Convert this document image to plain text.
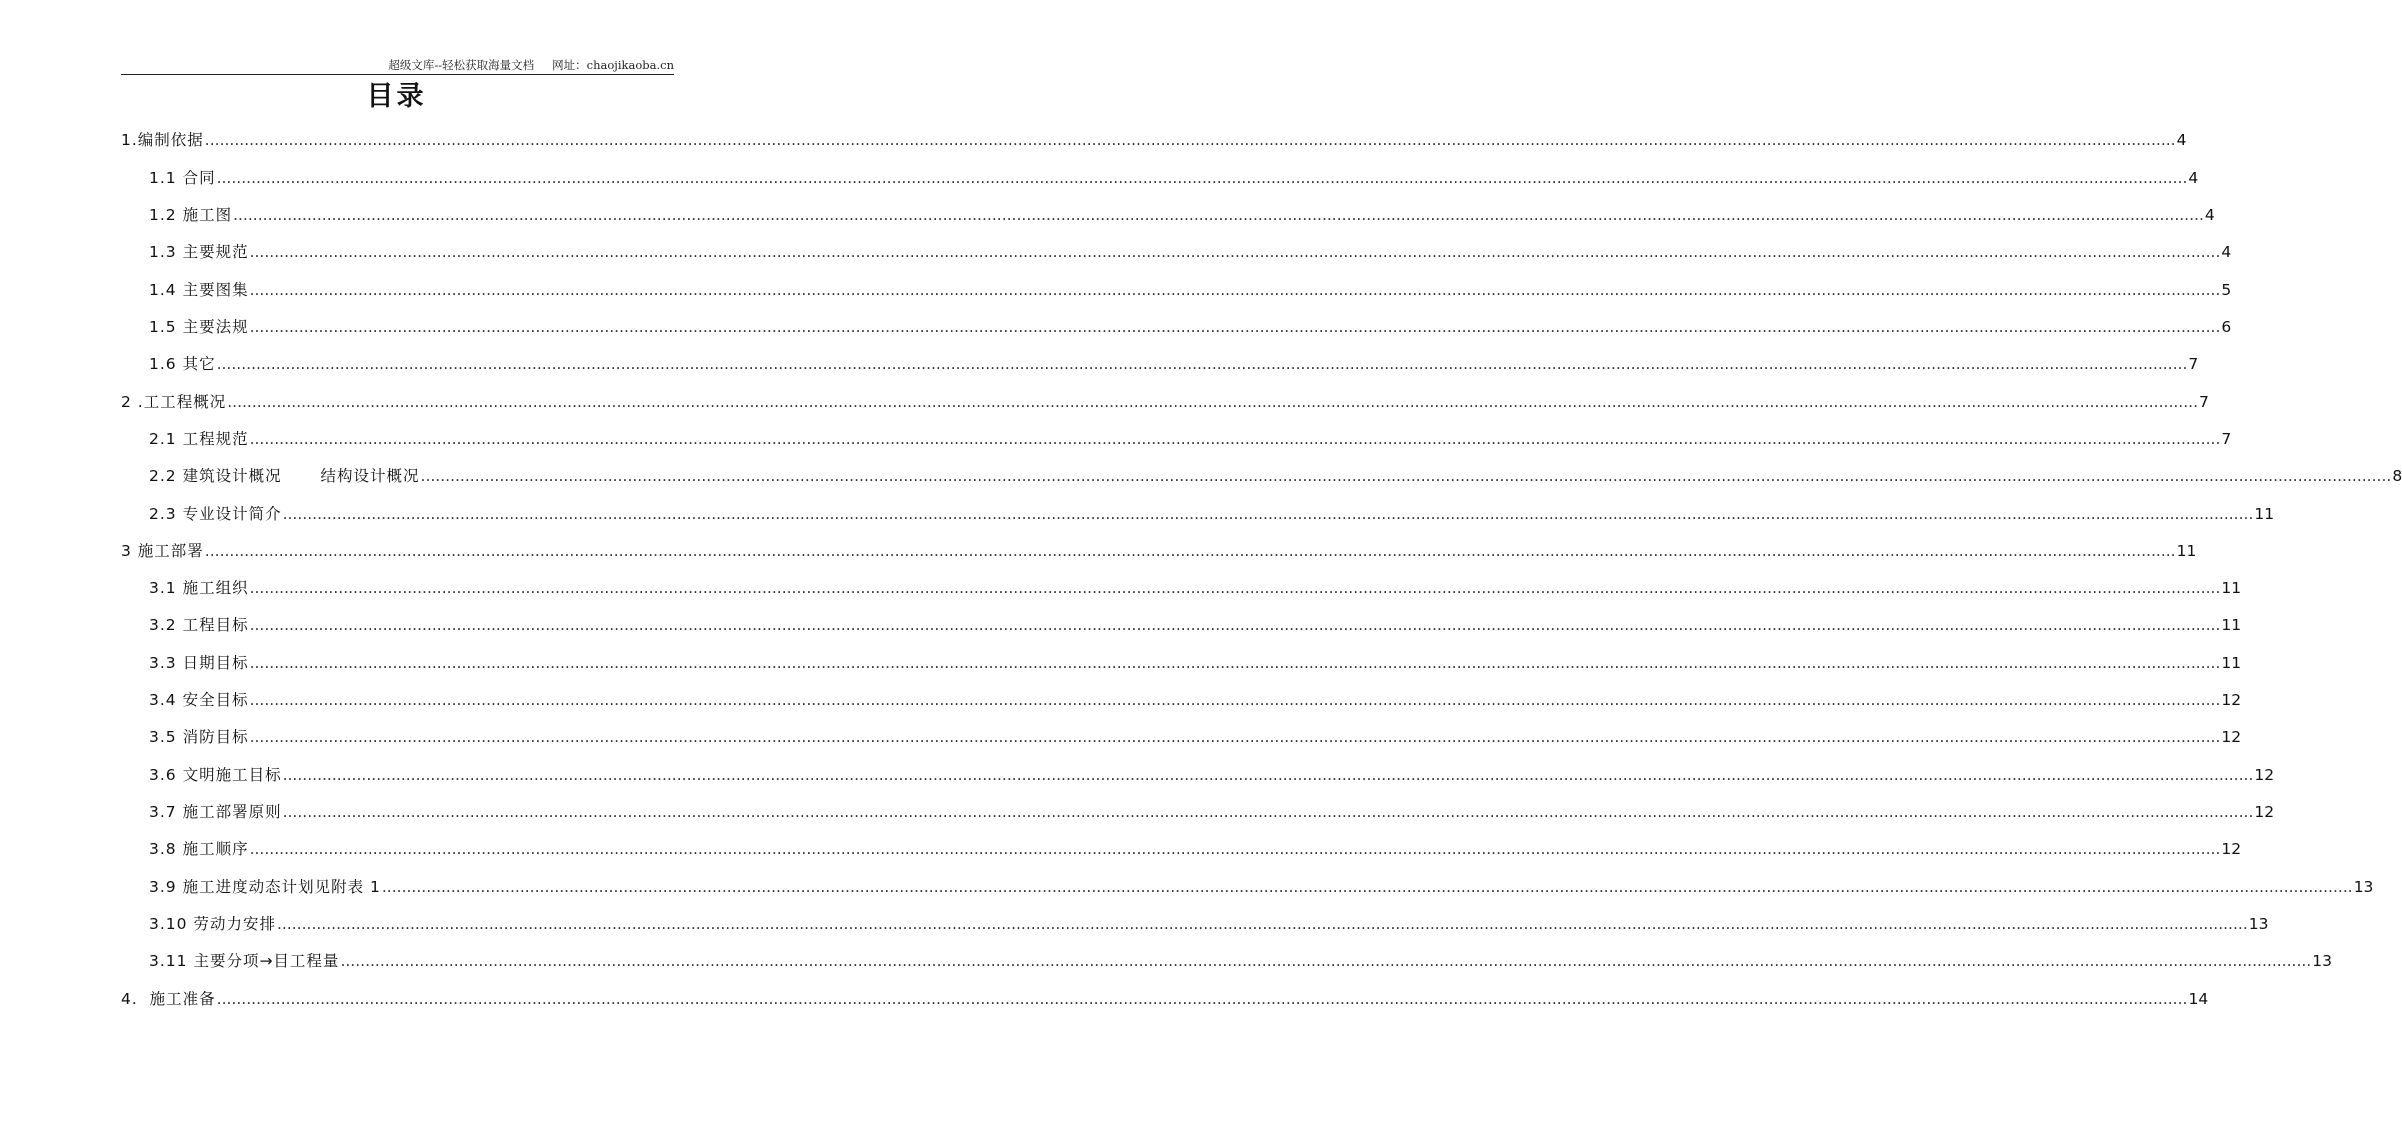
超级文库--轻松获取海量文档 网址：chaojikaoba.cn
目录
1.编制依据 ................................................................................................................................................................................................................................................................................................................................................................................................................ 4
1.1 合同 ................................................................................................................................................................................................................................................................................................................................................................................................................ 4
1.2 施工图 ................................................................................................................................................................................................................................................................................................................................................................................................................ 4
1.3 主要规范 ................................................................................................................................................................................................................................................................................................................................................................................................................ 4
1.4 主要图集 ................................................................................................................................................................................................................................................................................................................................................................................................................ 5
1.5 主要法规 ................................................................................................................................................................................................................................................................................................................................................................................................................ 6
1.6 其它 ................................................................................................................................................................................................................................................................................................................................................................................................................ 7
2 .工工程概况 ................................................................................................................................................................................................................................................................................................................................................................................................................ 7
2.1 工程规范 ................................................................................................................................................................................................................................................................................................................................................................................................................ 7
2.2 建筑设计概况　　 结构设计概况 ................................................................................................................................................................................................................................................................................................................................................................................................................ 8
2.3 专业设计简介 ................................................................................................................................................................................................................................................................................................................................................................................................................ 11
3 施工部署 ................................................................................................................................................................................................................................................................................................................................................................................................................ 11
3.1 施工组织 ................................................................................................................................................................................................................................................................................................................................................................................................................ 11
3.2 工程目标 ................................................................................................................................................................................................................................................................................................................................................................................................................ 11
3.3 日期目标 ................................................................................................................................................................................................................................................................................................................................................................................................................ 11
3.4 安全目标 ................................................................................................................................................................................................................................................................................................................................................................................................................ 12
3.5 消防目标 ................................................................................................................................................................................................................................................................................................................................................................................................................ 12
3.6 文明施工目标 ................................................................................................................................................................................................................................................................................................................................................................................................................ 12
3.7 施工部署原则 ................................................................................................................................................................................................................................................................................................................................................................................................................ 12
3.8 施工顺序 ................................................................................................................................................................................................................................................................................................................................................................................................................ 12
3.9 施工进度动态计划见附表 1 ................................................................................................................................................................................................................................................................................................................................................................................................................ 13
3.10 劳动力安排 ................................................................................................................................................................................................................................................................................................................................................................................................................ 13
3.11 主要分项→目工程量 ................................................................................................................................................................................................................................................................................................................................................................................................................ 13
4.  施工准备 ................................................................................................................................................................................................................................................................................................................................................................................................................ 14
